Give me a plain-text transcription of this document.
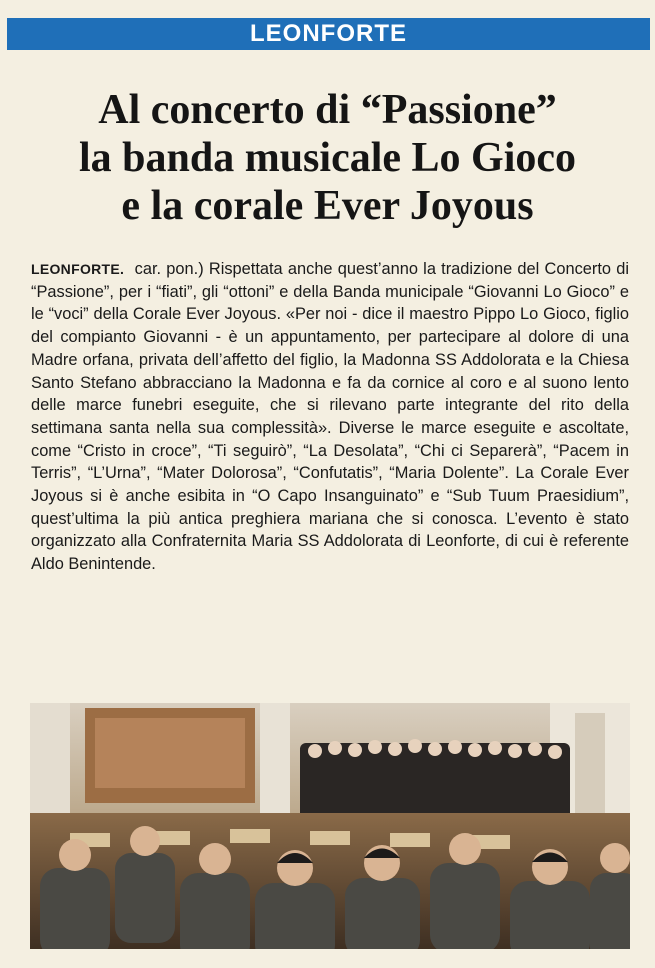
LEONFORTE
Al concerto di “Passione”
la banda musicale Lo Gioco
e la corale Ever Joyous

LEONFORTE. car. pon.) Rispettata anche quest’anno la tradizione del Concerto di “Passione”, per i “fiati”, gli “ottoni” e della Banda municipale “Giovanni Lo Gioco” e le “voci” della Corale Ever Joyous. «Per noi - dice il maestro Pippo Lo Gioco, figlio del compianto Giovanni - è un appuntamento, per partecipare al dolore di una Madre orfana, privata dell’affetto del figlio, la Madonna SS Addolorata e la Chiesa Santo Stefano abbracciano la Madonna e fa da cornice al coro e al suono lento delle marce funebri eseguite, che si rilevano parte integrante del rito della settimana santa nella sua complessità». Diverse le marce eseguite e ascoltate, come “Cristo in croce”, “Ti seguirò”, “La Desolata”, “Chi ci Separerà”, “Pacem in Terris”, “L’Urna”, “Mater Dolorosa”, “Confutatis”, “Maria Dolente”. La Corale Ever Joyous si è anche esibita in “O Capo Insanguinato” e “Sub Tuum Praesidium”, quest’ultima la più antica preghiera mariana che si conosca. L’evento è stato organizzato alla Confraternita Maria SS Addolorata di Leonforte, di cui è referente Aldo Benintende.
